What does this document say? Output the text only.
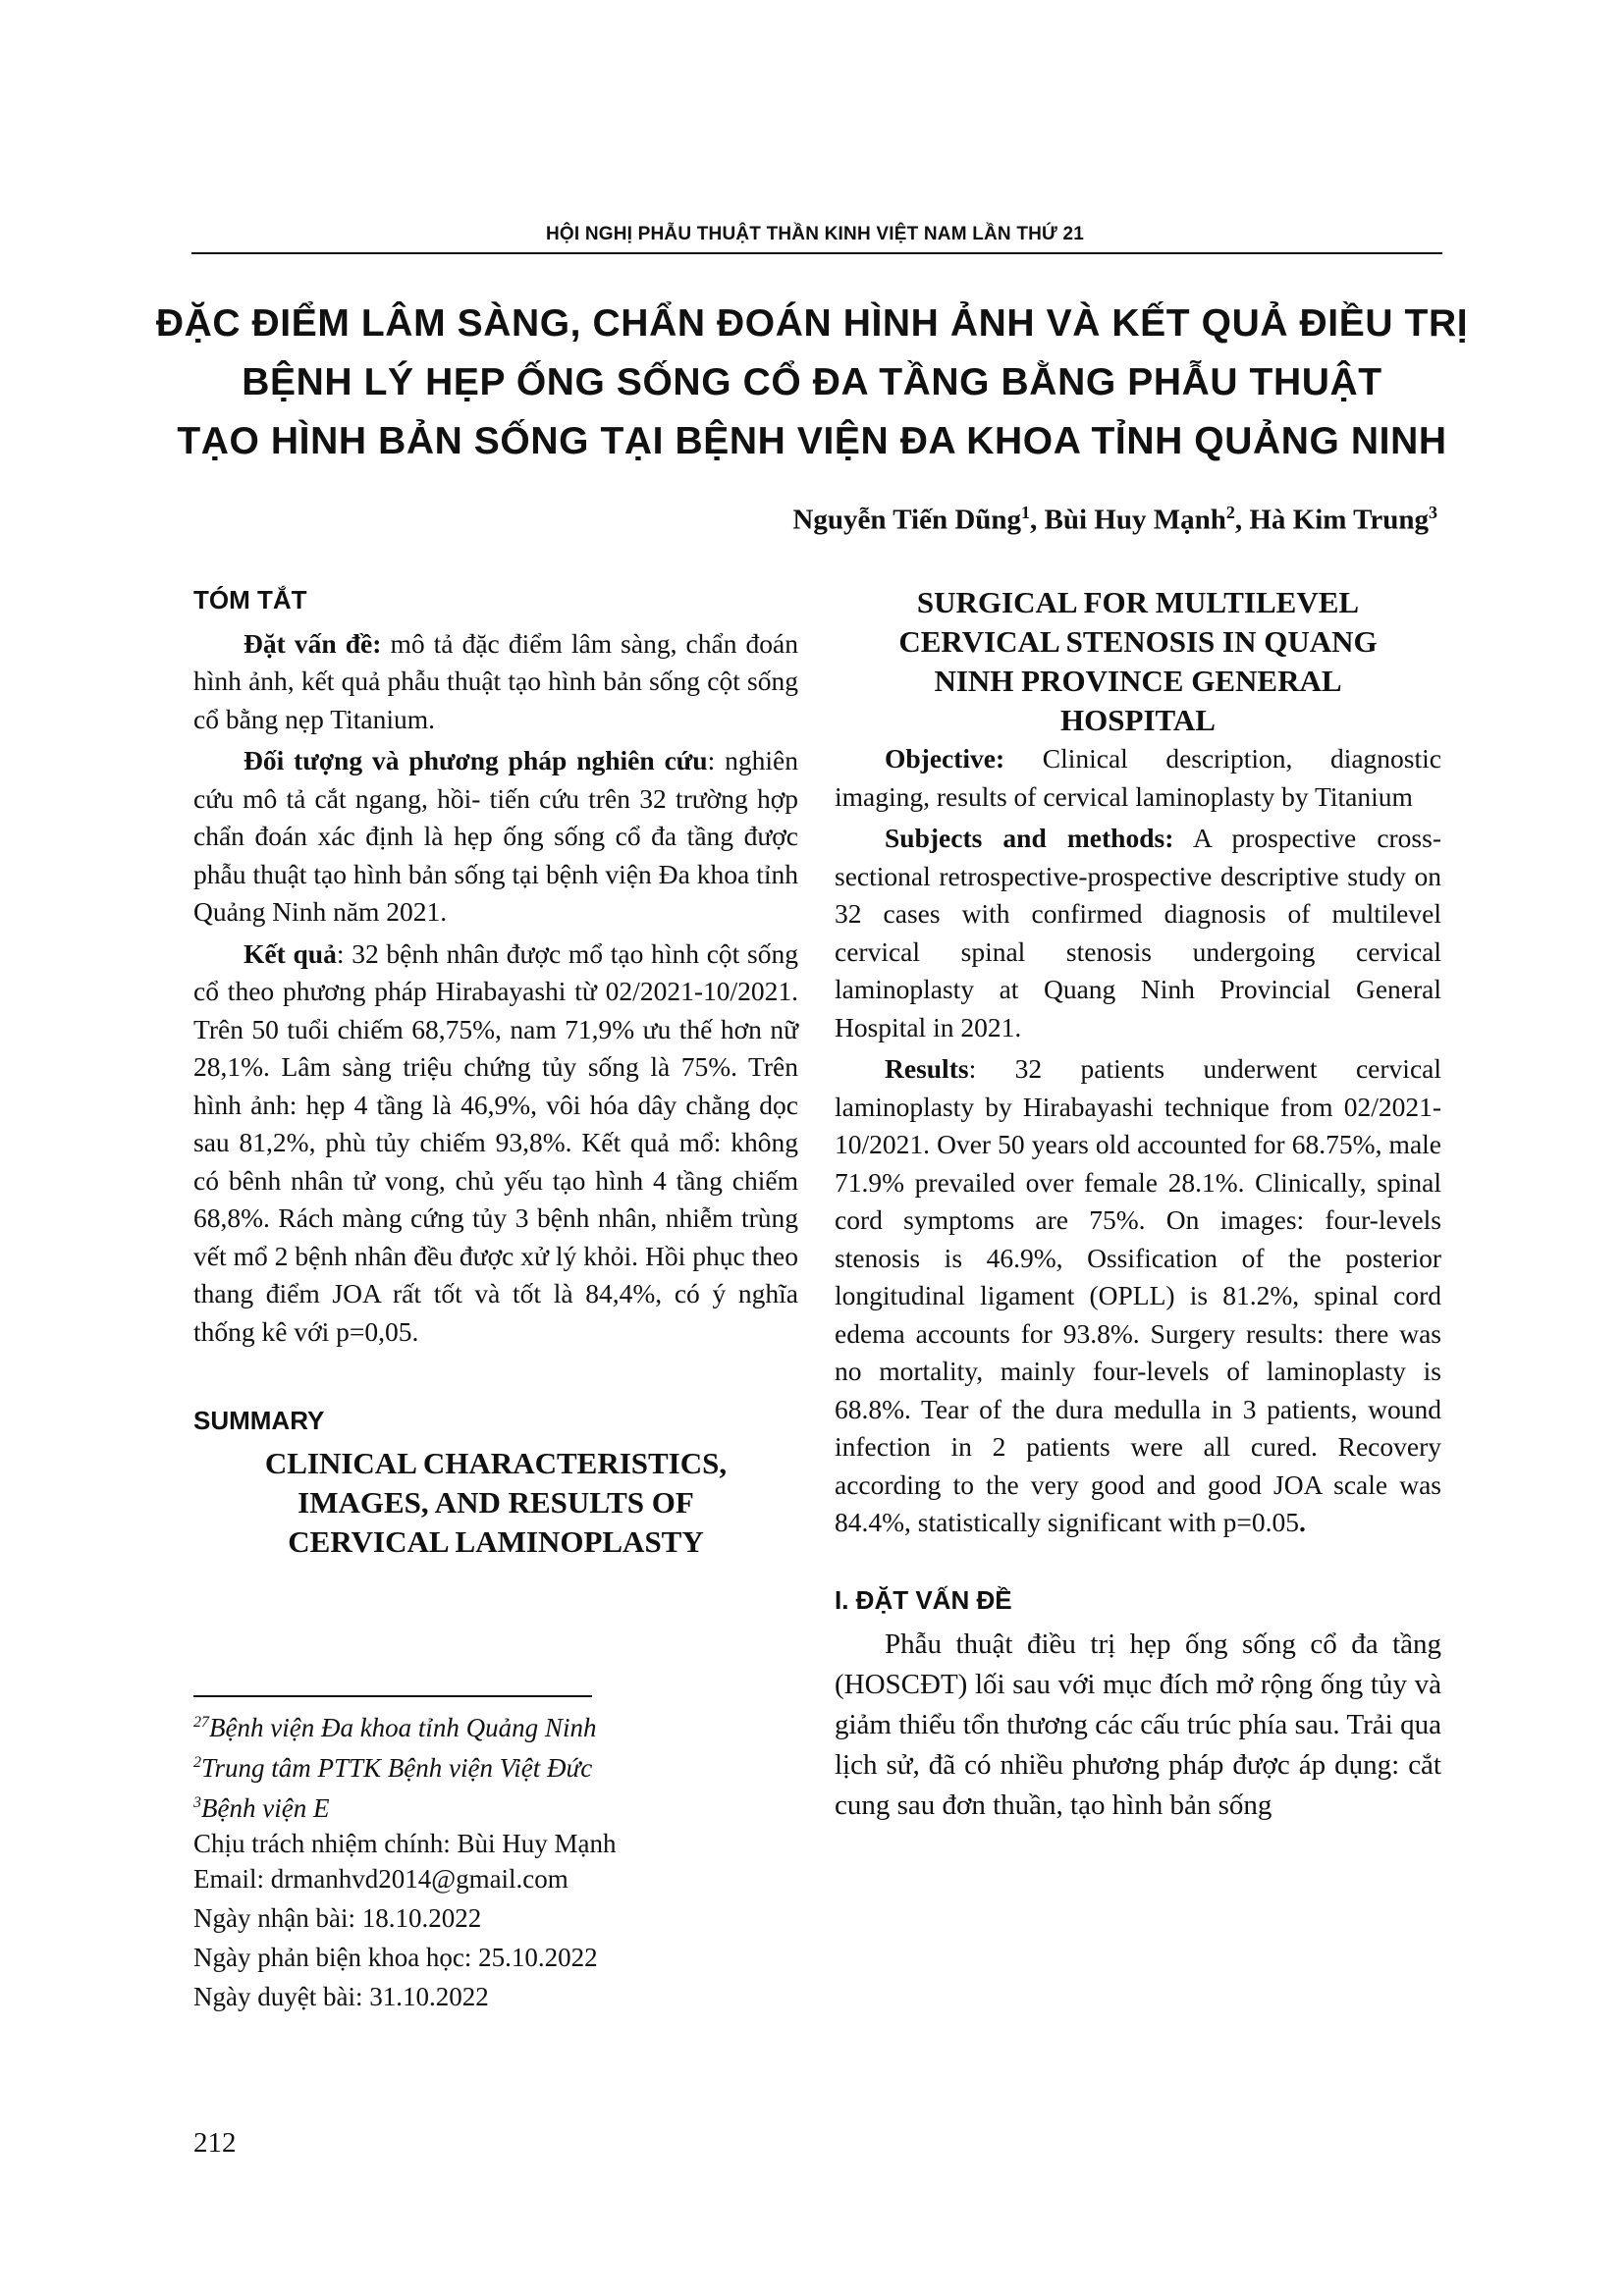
HỘI NGHỊ PHẪU THUẬT THẦN KINH VIỆT NAM LẦN THỨ 21
ĐẶC ĐIỂM LÂM SÀNG, CHẨN ĐOÁN HÌNH ẢNH VÀ KẾT QUẢ ĐIỀU TRỊ
BỆNH LÝ HẸP ỐNG SỐNG CỔ ĐA TẦNG BẰNG PHẪU THUẬT
TẠO HÌNH BẢN SỐNG TẠI BỆNH VIỆN ĐA KHOA TỈNH QUẢNG NINH
Nguyễn Tiến Dũng$^1$, Bùi Huy Mạnh$^2$, Hà Kim Trung$^3$
TÓM TẮT

Đặt vấn đề: mô tả đặc điểm lâm sàng, chẩn đoán hình ảnh, kết quả phẫu thuật tạo hình bản sống cột sống cổ bằng nẹp Titanium.

Đối tượng và phương pháp nghiên cứu: nghiên cứu mô tả cắt ngang, hồi- tiến cứu trên 32 trường hợp chẩn đoán xác định là hẹp ống sống cổ đa tầng được phẫu thuật tạo hình bản sống tại bệnh viện Đa khoa tỉnh Quảng Ninh năm 2021.

Kết quả: 32 bệnh nhân được mổ tạo hình cột sống cổ theo phương pháp Hirabayashi từ 02/2021-10/2021. Trên 50 tuổi chiếm 68,75%, nam 71,9% ưu thế hơn nữ 28,1%. Lâm sàng triệu chứng tủy sống là 75%. Trên hình ảnh: hẹp 4 tầng là 46,9%, vôi hóa dây chằng dọc sau 81,2%, phù tủy chiếm 93,8%. Kết quả mổ: không có bênh nhân tử vong, chủ yếu tạo hình 4 tầng chiếm 68,8%. Rách màng cứng tủy 3 bệnh nhân, nhiễm trùng vết mổ 2 bệnh nhân đều được xử lý khỏi. Hồi phục theo thang điểm JOA rất tốt và tốt là 84,4%, có ý nghĩa thống kê với p=0,05.

SUMMARY
CLINICAL CHARACTERISTICS,
IMAGES, AND RESULTS OF
CERVICAL LAMINOPLASTY
$^{27}$Bệnh viện Đa khoa tỉnh Quảng Ninh
$^2$Trung tâm PTTK Bệnh viện Việt Đức
$^3$Bệnh viện E
Chịu trách nhiệm chính: Bùi Huy Mạnh
Email: drmanhvd2014@gmail.com
Ngày nhận bài: 18.10.2022
Ngày phản biện khoa học: 25.10.2022
Ngày duyệt bài: 31.10.2022
SURGICAL FOR MULTILEVEL
CERVICAL STENOSIS IN QUANG
NINH PROVINCE GENERAL
HOSPITAL

Objective: Clinical description, diagnostic imaging, results of cervical laminoplasty by Titanium

Subjects and methods: A prospective cross-sectional retrospective-prospective descriptive study on 32 cases with confirmed diagnosis of multilevel cervical spinal stenosis undergoing cervical laminoplasty at Quang Ninh Provincial General Hospital in 2021.

Results: 32 patients underwent cervical laminoplasty by Hirabayashi technique from 02/2021-10/2021. Over 50 years old accounted for 68.75%, male 71.9% prevailed over female 28.1%. Clinically, spinal cord symptoms are 75%. On images: four-levels stenosis is 46.9%, Ossification of the posterior longitudinal ligament (OPLL) is 81.2%, spinal cord edema accounts for 93.8%. Surgery results: there was no mortality, mainly four-levels of laminoplasty is 68.8%. Tear of the dura medulla in 3 patients, wound infection in 2 patients were all cured. Recovery according to the very good and good JOA scale was 84.4%, statistically significant with p=0.05.

I. ĐẶT VẤN ĐỀ

Phẫu thuật điều trị hẹp ống sống cổ đa tầng (HOSCĐT) lối sau với mục đích mở rộng ống tủy và giảm thiểu tổn thương các cấu trúc phía sau. Trải qua lịch sử, đã có nhiều phương pháp được áp dụng: cắt cung sau đơn thuần, tạo hình bản sống

212
